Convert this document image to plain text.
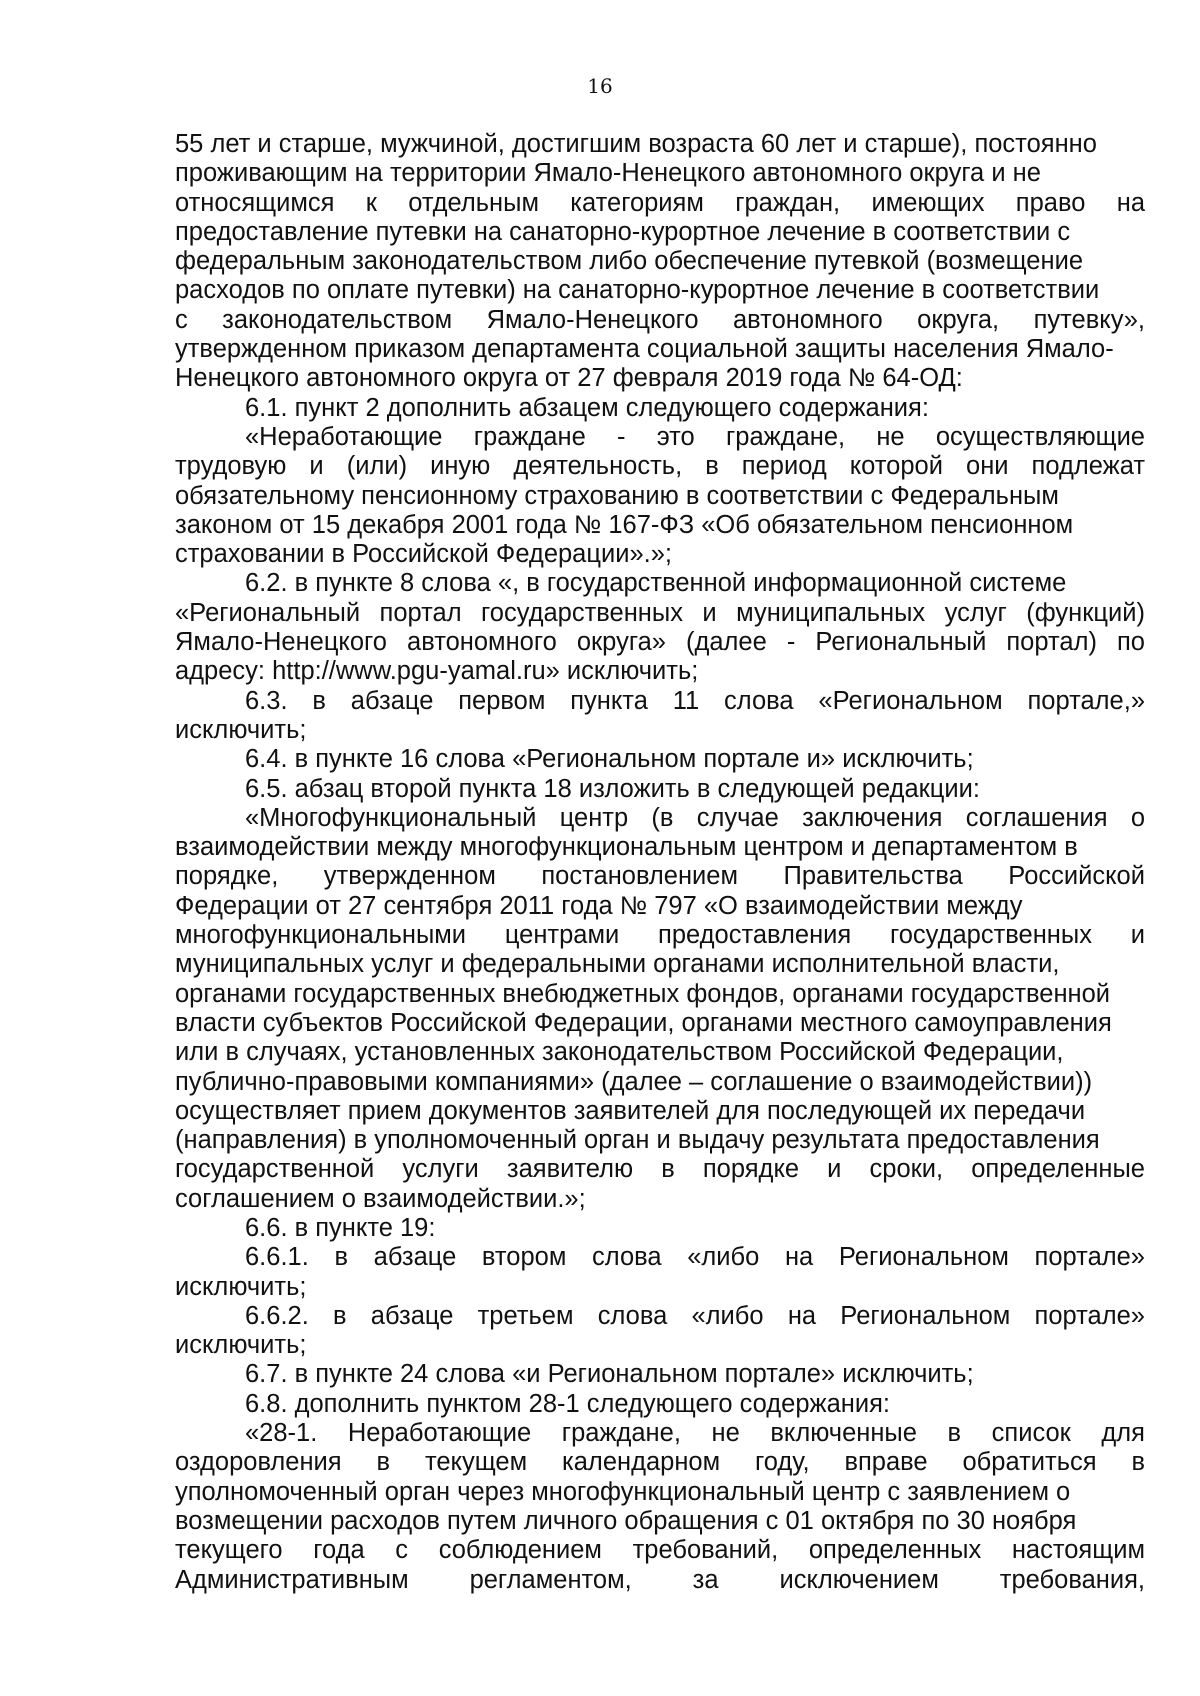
16
55 лет и старше, мужчиной, достигшим возраста 60 лет и старше), постоянно
проживающим на территории Ямало-Ненецкого автономного округа и не
относящимся к отдельным категориям граждан, имеющих право на
предоставление путевки на санаторно-курортное лечение в соответствии с
федеральным законодательством либо обеспечение путевкой (возмещение
расходов по оплате путевки) на санаторно-курортное лечение в соответствии
с законодательством Ямало-Ненецкого автономного округа, путевку»,
утвержденном приказом департамента социальной защиты населения Ямало-
Ненецкого автономного округа от 27 февраля 2019 года № 64-ОД:
6.1. пункт 2 дополнить абзацем следующего содержания:
«Неработающие граждане - это граждане, не осуществляющие
трудовую и (или) иную деятельность, в период которой они подлежат
обязательному пенсионному страхованию в соответствии с Федеральным
законом от 15 декабря 2001 года № 167-ФЗ «Об обязательном пенсионном
страховании в Российской Федерации».»;
6.2. в пункте 8 слова «, в государственной информационной системе
«Региональный портал государственных и муниципальных услуг (функций)
Ямало-Ненецкого автономного округа» (далее - Региональный портал) по
адресу: http://www.pgu-yamal.ru» исключить;
6.3. в абзаце первом пункта 11 слова «Региональном портале,»
исключить;
6.4. в пункте 16 слова «Региональном портале и» исключить;
6.5. абзац второй пункта 18 изложить в следующей редакции:
«Многофункциональный центр (в случае заключения соглашения о
взаимодействии между многофункциональным центром и департаментом в
порядке, утвержденном постановлением Правительства Российской
Федерации от 27 сентября 2011 года № 797 «О взаимодействии между
многофункциональными центрами предоставления государственных и
муниципальных услуг и федеральными органами исполнительной власти,
органами государственных внебюджетных фондов, органами государственной
власти субъектов Российской Федерации, органами местного самоуправления
или в случаях, установленных законодательством Российской Федерации,
публично-правовыми компаниями» (далее – соглашение о взаимодействии))
осуществляет прием документов заявителей для последующей их передачи
(направления) в уполномоченный орган и выдачу результата предоставления
государственной услуги заявителю в порядке и сроки, определенные
соглашением о взаимодействии.»;
6.6. в пункте 19:
6.6.1. в абзаце втором слова «либо на Региональном портале»
исключить;
6.6.2. в абзаце третьем слова «либо на Региональном портале»
исключить;
6.7. в пункте 24 слова «и Региональном портале» исключить;
6.8. дополнить пунктом 28-1 следующего содержания:
«28-1. Неработающие граждане, не включенные в список для
оздоровления в текущем календарном году, вправе обратиться в
уполномоченный орган через многофункциональный центр с заявлением о
возмещении расходов путем личного обращения с 01 октября по 30 ноября
текущего года с соблюдением требований, определенных настоящим
Административным регламентом, за исключением требования,
